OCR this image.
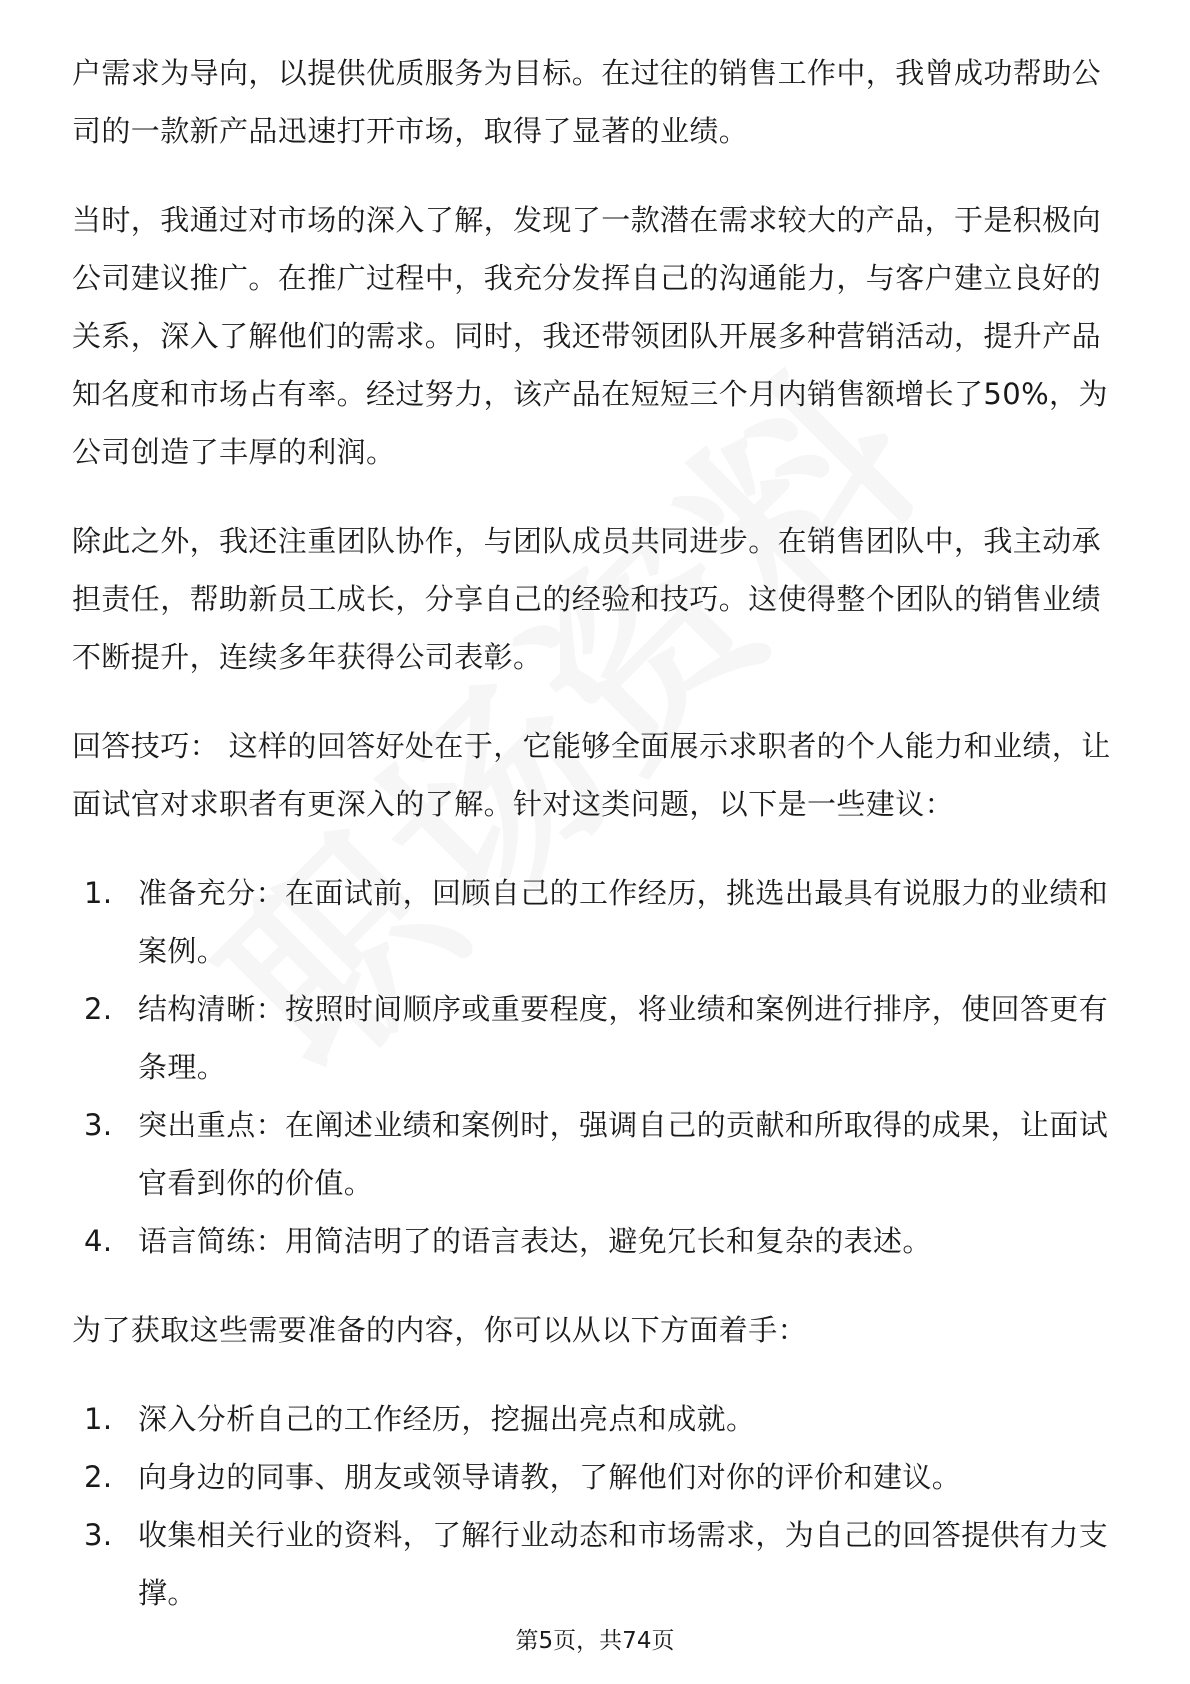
户需求为导向，以提供优质服务为目标。在过往的销售工作中，我曾成功帮助公司的一款新产品迅速打开市场，取得了显著的业绩。

当时，我通过对市场的深入了解，发现了一款潜在需求较大的产品，于是积极向公司建议推广。在推广过程中，我充分发挥自己的沟通能力，与客户建立良好的关系，深入了解他们的需求。同时，我还带领团队开展多种营销活动，提升产品知名度和市场占有率。经过努力，该产品在短短三个月内销售额增长了50%，为公司创造了丰厚的利润。

除此之外，我还注重团队协作，与团队成员共同进步。在销售团队中，我主动承担责任，帮助新员工成长，分享自己的经验和技巧。这使得整个团队的销售业绩不断提升，连续多年获得公司表彰。

回答技巧： 这样的回答好处在于，它能够全面展示求职者的个人能力和业绩，让面试官对求职者有更深入的了解。针对这类问题，以下是一些建议：

1. 准备充分：在面试前，回顾自己的工作经历，挑选出最具有说服力的业绩和案例。
2. 结构清晰：按照时间顺序或重要程度，将业绩和案例进行排序，使回答更有条理。
3. 突出重点：在阐述业绩和案例时，强调自己的贡献和所取得的成果，让面试官看到你的价值。
4. 语言简练：用简洁明了的语言表达，避免冗长和复杂的表述。

为了获取这些需要准备的内容，你可以从以下方面着手：

1. 深入分析自己的工作经历，挖掘出亮点和成就。
2. 向身边的同事、朋友或领导请教，了解他们对你的评价和建议。
3. 收集相关行业的资料，了解行业动态和市场需求，为自己的回答提供有力支撑。
第5页，共74页
